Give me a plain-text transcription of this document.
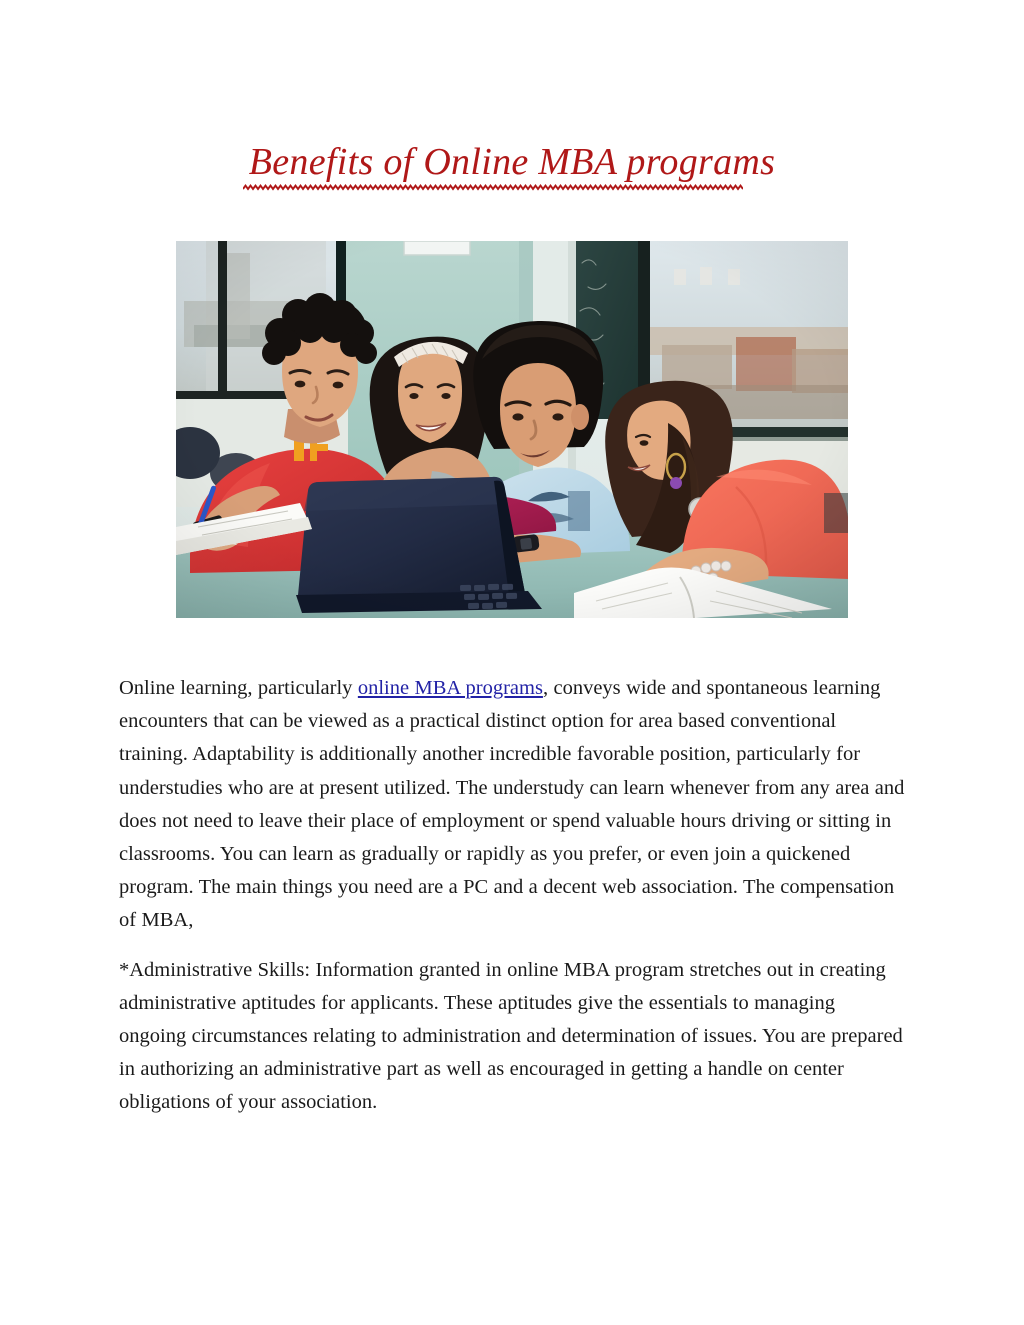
Benefits of Online MBA programs

Online learning, particularly online MBA programs, conveys wide and spontaneous learning encounters that can be viewed as a practical distinct option for area based conventional training. Adaptability is additionally another incredible favorable position, particularly for understudies who are at present utilized. The understudy can learn whenever from any area and does not need to leave their place of employment or spend valuable hours driving or sitting in classrooms. You can learn as gradually or rapidly as you prefer, or even join a quickened program. The main things you need are a PC and a decent web association. The compensation of MBA,

*Administrative Skills: Information granted in online MBA program stretches out in creating administrative aptitudes for applicants. These aptitudes give the essentials to managing ongoing circumstances relating to administration and determination of issues. You are prepared in authorizing an administrative part as well as encouraged in getting a handle on center obligations of your association.
